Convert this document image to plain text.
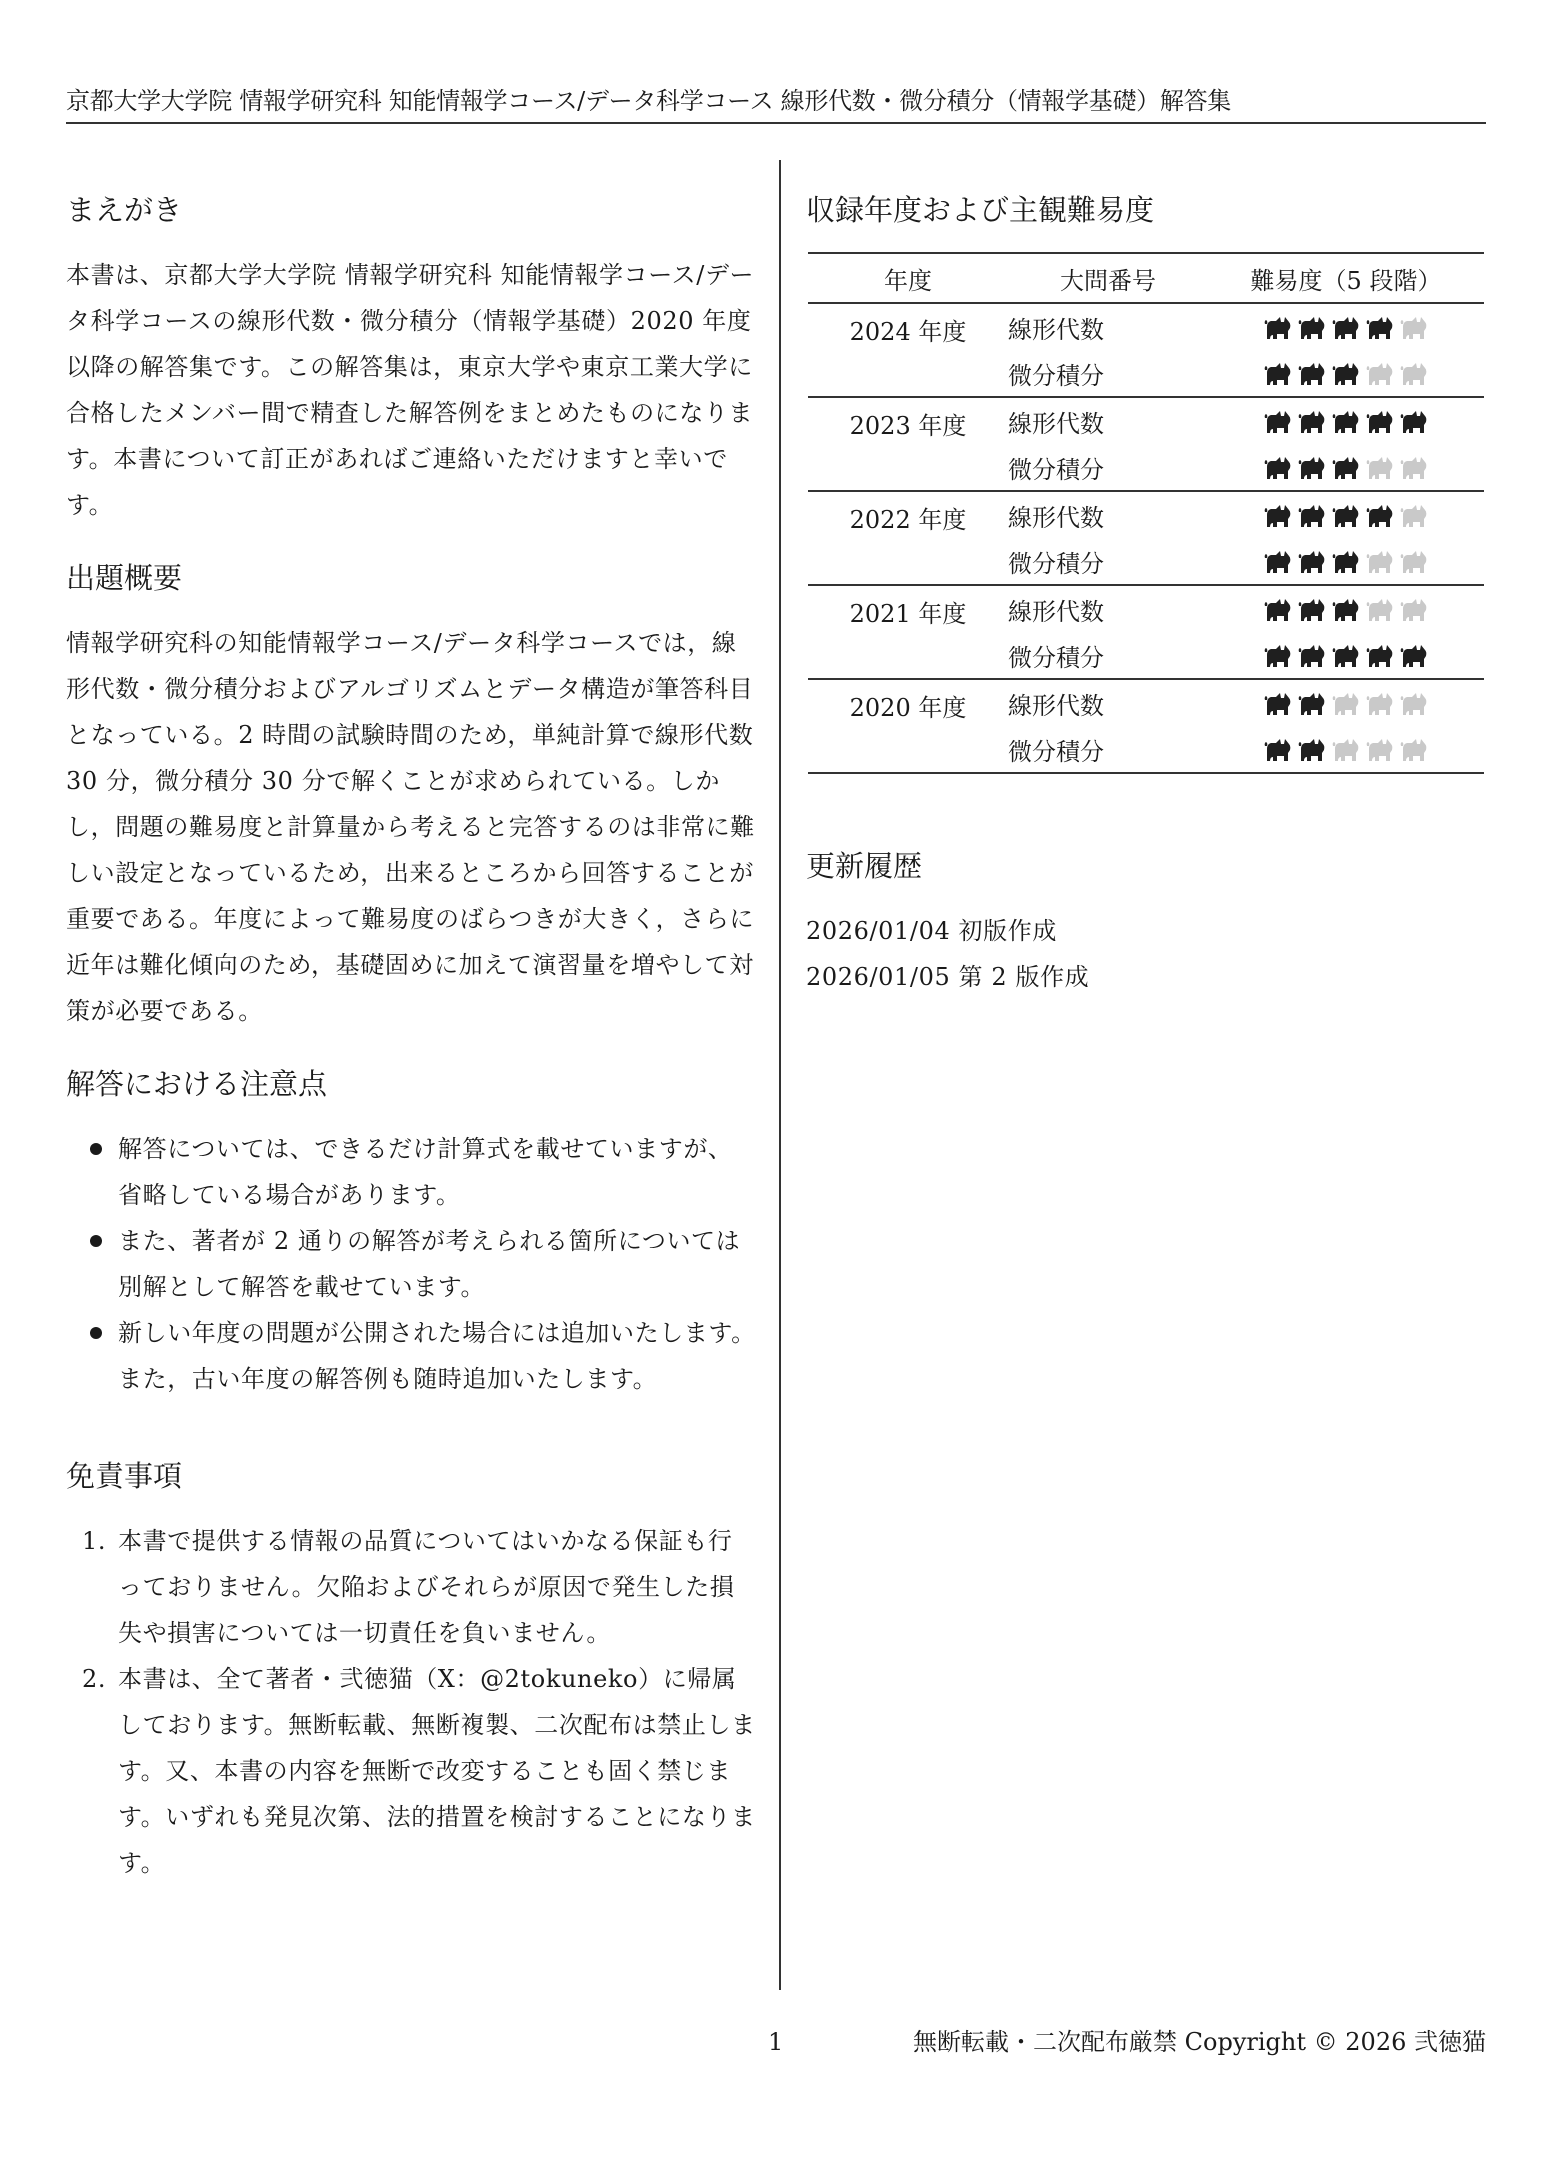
京都大学大学院 情報学研究科 知能情報学コース/データ科学コース 線形代数・微分積分（情報学基礎）解答集
まえがき

本書は、京都大学大学院 情報学研究科 知能情報学コース/データ科学コースの線形代数・微分積分（情報学基礎）2020 年度以降の解答集です。この解答集は，東京大学や東京工業大学に合格したメンバー間で精査した解答例をまとめたものになります。本書について訂正があればご連絡いただけますと幸いです。

出題概要

情報学研究科の知能情報学コース/データ科学コースでは，線形代数・微分積分およびアルゴリズムとデータ構造が筆答科目となっている。2 時間の試験時間のため，単純計算で線形代数 30 分，微分積分 30 分で解くことが求められている。しかし，問題の難易度と計算量から考えると完答するのは非常に難しい設定となっているため，出来るところから回答することが重要である。年度によって難易度のばらつきが大きく，さらに近年は難化傾向のため，基礎固めに加えて演習量を増やして対策が必要である。

解答における注意点
解答については、できるだけ計算式を載せていますが、省略している場合があります。
また、著者が 2 通りの解答が考えられる箇所については別解として解答を載せています。
新しい年度の問題が公開された場合には追加いたします。また，古い年度の解答例も随時追加いたします。
免責事項
1. 本書で提供する情報の品質についてはいかなる保証も行っておりません。欠陥およびそれらが原因で発生した損失や損害については一切責任を負いません。
2. 本書は、全て著者・弐徳猫（X：@2tokuneko）に帰属しております。無断転載、無断複製、二次配布は禁止します。又、本書の内容を無断で改変することも固く禁じます。いずれも発見次第、法的措置を検討することになります。
収録年度および主観難易度
年度	大問番号	難易度（5 段階）
2024 年度	線形代数	

	微分積分	

2023 年度	線形代数	

	微分積分	

2022 年度	線形代数	

	微分積分	

2021 年度	線形代数	

	微分積分	

2020 年度	線形代数	

	微分積分	
更新履歴
2026/01/04 初版作成
2026/01/05 第 2 版作成
1	無断転載・二次配布厳禁 Copyright © 2026 弐徳猫
